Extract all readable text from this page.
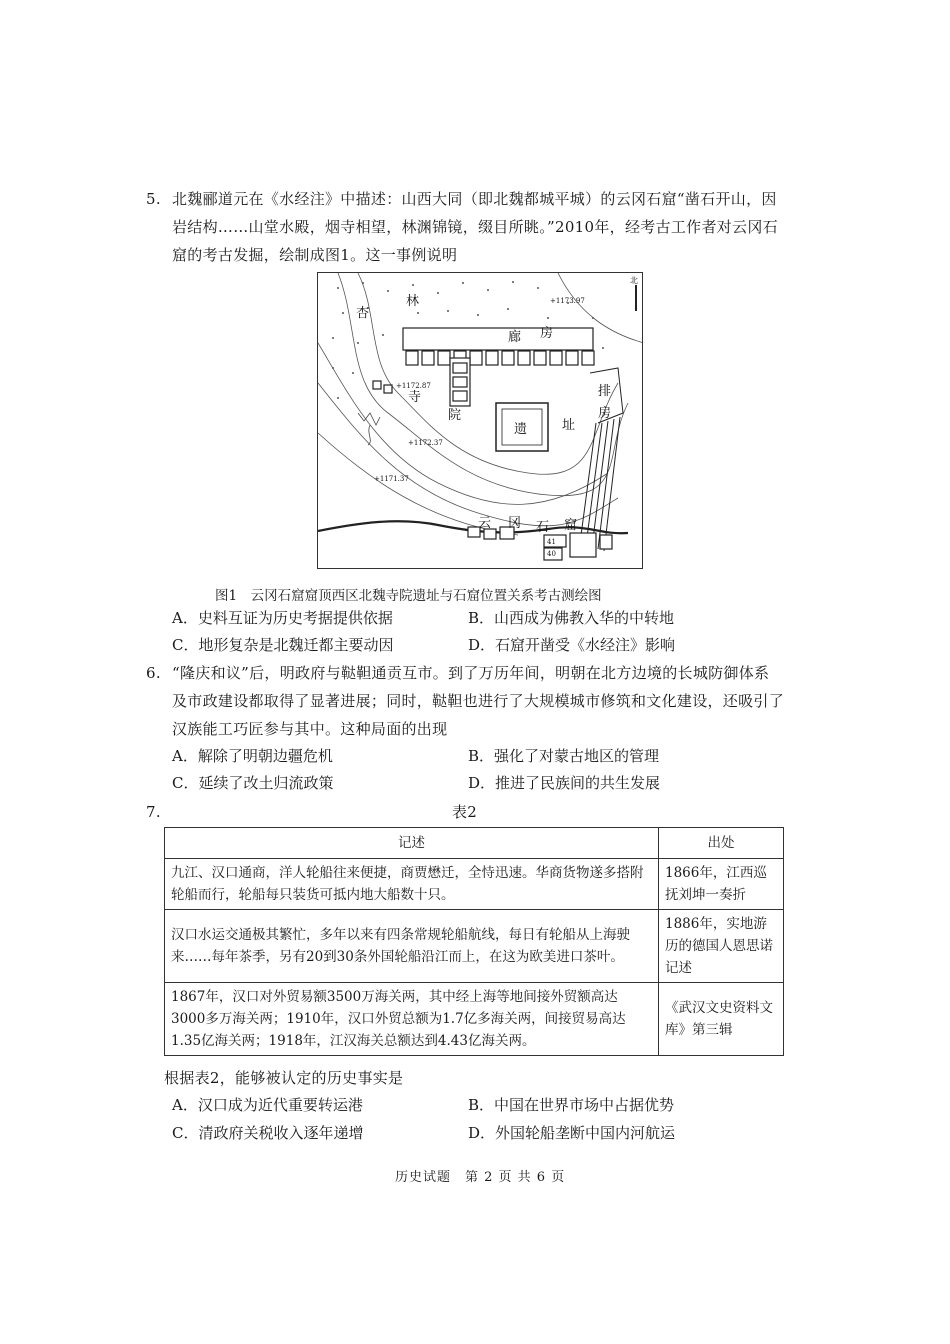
5. 北魏郦道元在《水经注》中描述：山西大同（即北魏都城平城）的云冈石窟“凿石开山，因
岩结构……山堂水殿，烟寺相望，林渊锦镜，缀目所眺。”2010年，经考古工作者对云冈石
北
杏
林
廊 房
寺
院
遗	址
排
房
云 冈 石 窟
+1173.97
+1172.87
+1172.37
+1171.37
40
41
图1　云冈石窟窟顶西区北魏寺院遗址与石窟位置关系考古测绘图
A．史料互证为历史考据提供依据	B．山西成为佛教入华的中转地
C．地形复杂是北魏迁都主要动因	D．石窟开凿受《水经注》影响
6. “隆庆和议”后，明政府与鞑靼通贡互市。到了万历年间，明朝在北方边境的长城防御体系
及市政建设都取得了显著进展；同时，鞑靼也进行了大规模城市修筑和文化建设，还吸引了
汉族能工巧匠参与其中。这种局面的出现
A．解除了明朝边疆危机	B．强化了对蒙古地区的管理
C．延续了改土归流政策	D．推进了民族间的共生发展
7.	表2
记述	出处
九江、汉口通商，洋人轮船往来便捷，商贾懋迁，全恃迅速。华商货物遂多搭附轮船而行，轮船每只装货可抵内地大船数十只。	1866年，江西巡抚刘坤一奏折
汉口水运交通极其繁忙，多年以来有四条常规轮船航线，每日有轮船从上海驶来……每年茶季，另有20到30条外国轮船沿江而上，在这为欧美进口茶叶。	1886年，实地游历的德国人恩思诺记述
1867年，汉口对外贸易额3500万海关两，其中经上海等地间接外贸额高达3000多万海关两；1910年，汉口外贸总额为1.7亿多海关两，间接贸易高达1.35亿海关两；1918年，江汉海关总额达到4.43亿海关两。	《武汉文史资料文库》第三辑
根据表2，能够被认定的历史事实是
A．汉口成为近代重要转运港	B．中国在世界市场中占据优势
C．清政府关税收入逐年递增	D．外国轮船垄断中国内河航运
历史试题　第 2 页 共 6 页
窟的考古发掘，绘制成图1。这一事例说明
